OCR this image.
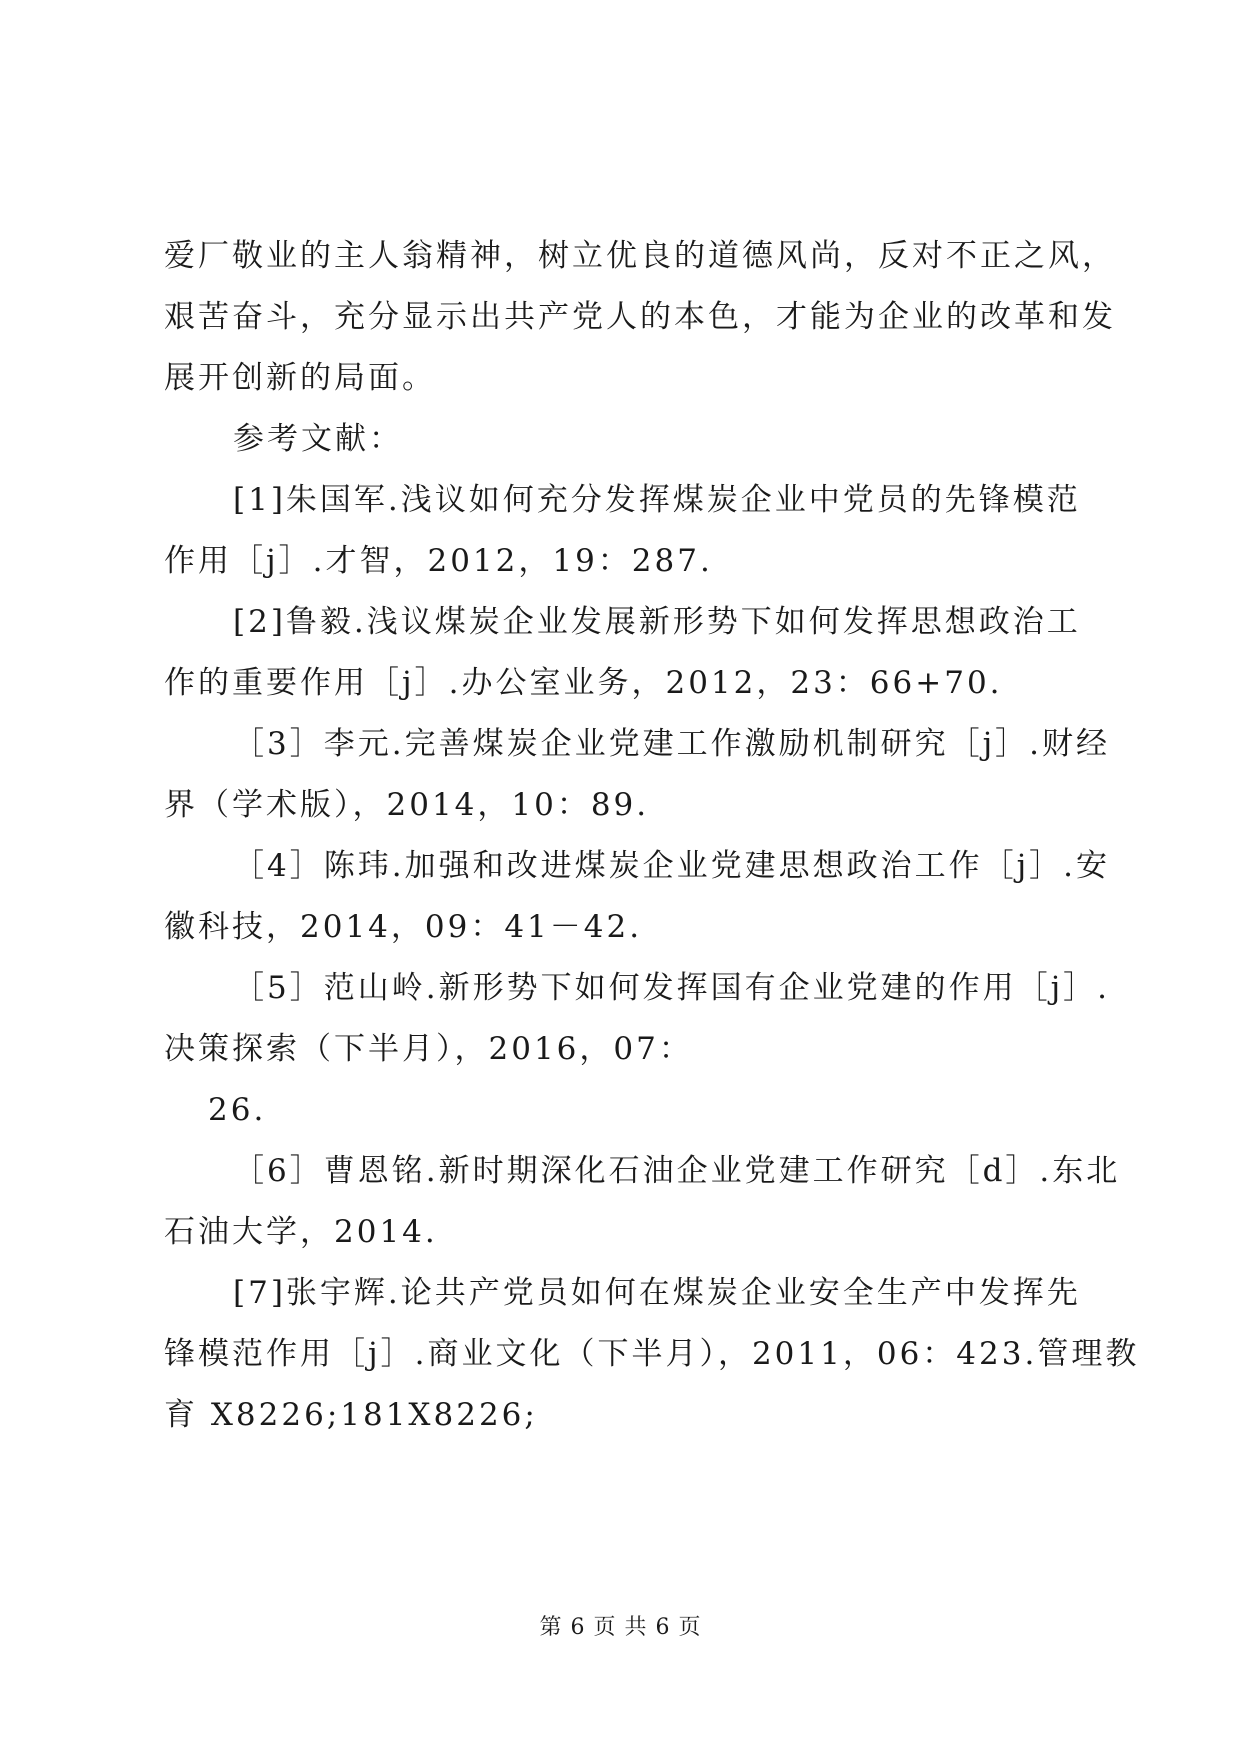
爱厂敬业的主人翁精神，树立优良的道德风尚，反对不正之风，
艰苦奋斗，充分显示出共产党人的本色，才能为企业的改革和发
展开创新的局面。
参考文献：
[1]朱国军.浅议如何充分发挥煤炭企业中党员的先锋模范
作用［j］.才智，2012，19：287.
[2]鲁毅.浅议煤炭企业发展新形势下如何发挥思想政治工
作的重要作用［j］.办公室业务，2012，23：66+70.
［3］李元.完善煤炭企业党建工作激励机制研究［j］.财经
界（学术版），2014，10：89.
［4］陈玮.加强和改进煤炭企业党建思想政治工作［j］.安
徽科技，2014，09：41－42.
［5］范山岭.新形势下如何发挥国有企业党建的作用［j］.
决策探索（下半月），2016，07：
26.
［6］曹恩铭.新时期深化石油企业党建工作研究［d］.东北
石油大学，2014.
[7]张宇辉.论共产党员如何在煤炭企业安全生产中发挥先
锋模范作用［j］.商业文化（下半月），2011，06：423.管理教
育 X8226;181X8226;
第 6 页 共 6 页
